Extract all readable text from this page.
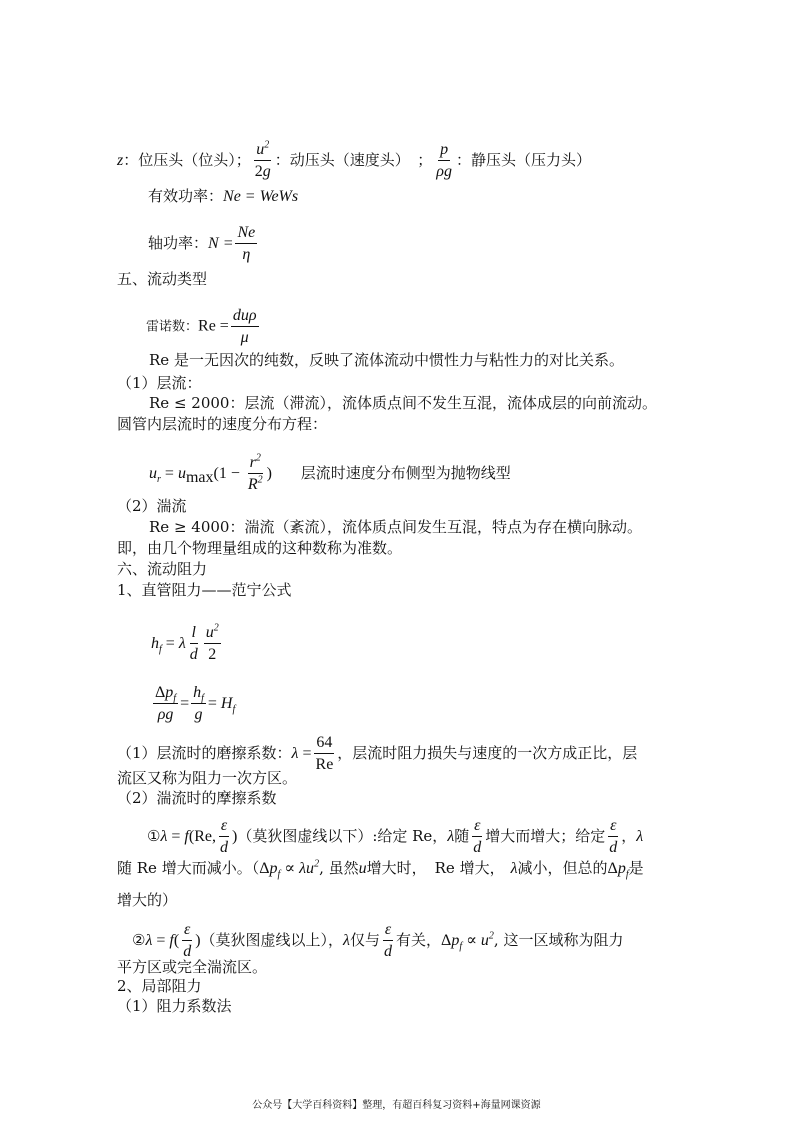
z：位压头（位头）； $\frac{u^2}{2g}$ ：动压头（速度头）　； $\frac{p}{\rho g}$ ：静压头（压力头）
有效功率：Ne = WeWs
轴功率：$N = \frac{Ne}{\eta}$
五、流动类型
雷诺数：$Re = \frac{\text{duρ}}{\mu}$
Re 是一无因次的纯数，反映了流体流动中惯性力与粘性力的对比关系。
（1）层流：
Re ≤ 2000：层流（滞流），流体质点间不发生互混，流体成层的向前流动。
圆管内层流时的速度分布方程：
$u_r = u_{max}(1 - \frac{r^2}{R^2}$ ) 层流时速度分布侧型为抛物线型
（2）湍流
Re ≥ 4000：湍流（紊流），流体质点间发生互混，特点为存在横向脉动。
即，由几个物理量组成的这种数称为准数。
六、流动阻力
1、直管阻力——范宁公式
$h_f = \lambda \frac{l}{d} \frac{u^2}{2}$
$\frac{\Delta p_f}{\rho g} = \frac{h_f}{g} = H_f$
（1）层流时的磨擦系数：$\lambda = \frac{64}{Re}$ ，层流时阻力损失与速度的一次方成正比，层
流区又称为阻力一次方区。
（2）湍流时的摩擦系数
①λ = f(Re, $\frac{\varepsilon}{d}$ )（莫狄图虚线以下）:给定 Re，λ随 $\frac{\varepsilon}{d}$ 增大而增大；给定 $\frac{\varepsilon}{d}$ ，λ
随 Re 增大而减小。（$\Delta p_f \propto \lambda u^2$, 虽然u增大时， Re 增大， λ减小，但总的$\Delta p_f$是
增大的）
②λ = $f( \frac{\varepsilon}{d}$ )（莫狄图虚线以上），λ仅与 $\frac{\varepsilon}{d}$ 有关，$\Delta p_f \propto u^2$, 这一区域称为阻力
平方区或完全湍流区。
2、局部阻力
（1）阻力系数法
公众号【大学百科资料】整理，有超百科复习资料+海量网课资源
